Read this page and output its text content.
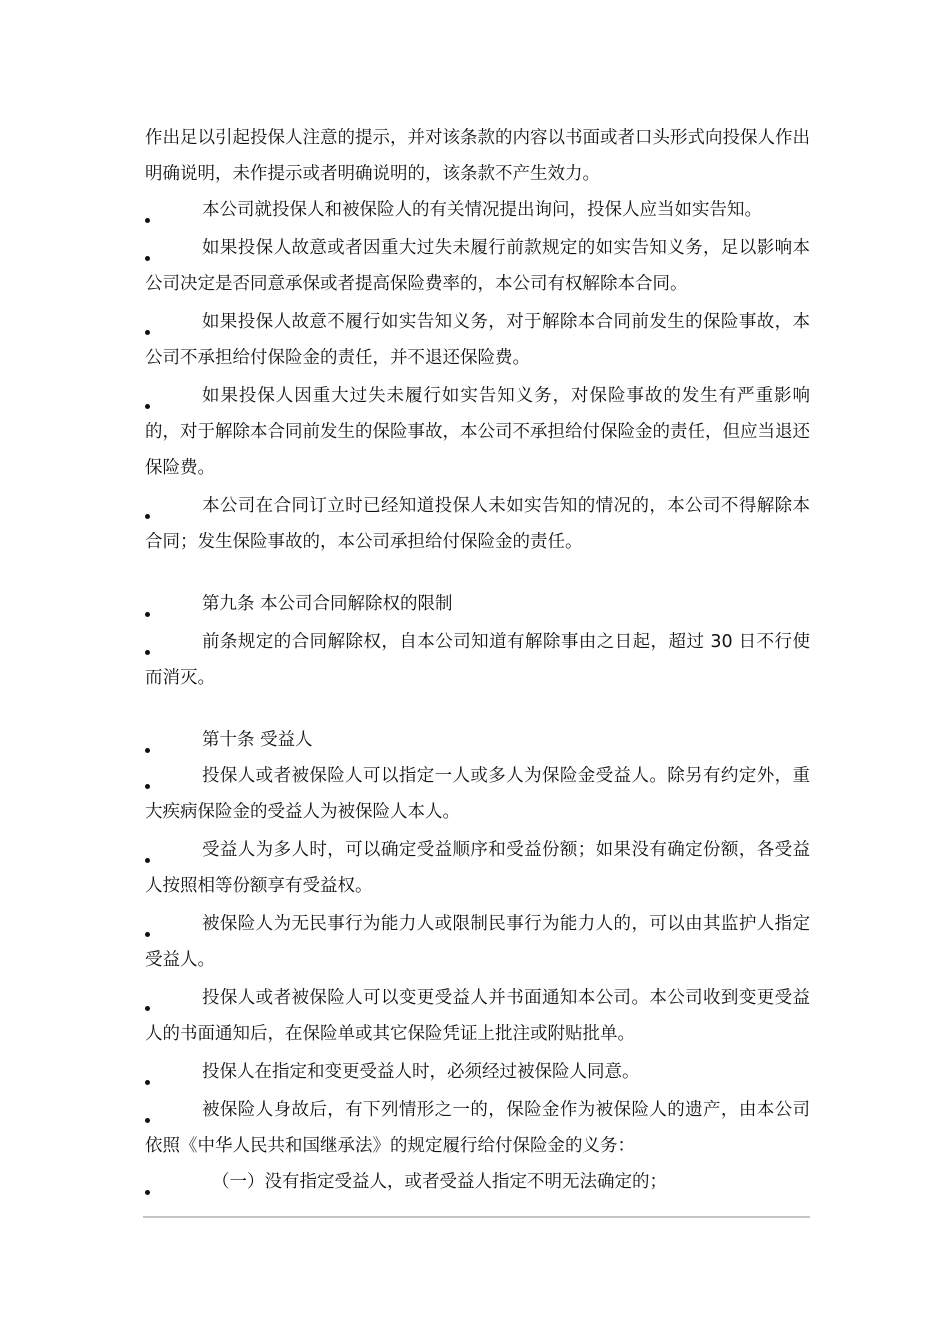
作出足以引起投保人注意的提示，并对该条款的内容以书面或者口头形式向投保人作出明确说明，未作提示或者明确说明的，该条款不产生效力。
本公司就投保人和被保险人的有关情况提出询问，投保人应当如实告知。
如果投保人故意或者因重大过失未履行前款规定的如实告知义务，足以影响本公司决定是否同意承保或者提高保险费率的，本公司有权解除本合同。
如果投保人故意不履行如实告知义务，对于解除本合同前发生的保险事故，本公司不承担给付保险金的责任，并不退还保险费。
如果投保人因重大过失未履行如实告知义务，对保险事故的发生有严重影响的，对于解除本合同前发生的保险事故，本公司不承担给付保险金的责任，但应当退还保险费。
本公司在合同订立时已经知道投保人未如实告知的情况的，本公司不得解除本合同；发生保险事故的，本公司承担给付保险金的责任。
第九条 本公司合同解除权的限制
前条规定的合同解除权，自本公司知道有解除事由之日起，超过 30 日不行使而消灭。
第十条 受益人
投保人或者被保险人可以指定一人或多人为保险金受益人。除另有约定外，重大疾病保险金的受益人为被保险人本人。
受益人为多人时，可以确定受益顺序和受益份额；如果没有确定份额，各受益人按照相等份额享有受益权。
被保险人为无民事行为能力人或限制民事行为能力人的，可以由其监护人指定受益人。
投保人或者被保险人可以变更受益人并书面通知本公司。本公司收到变更受益人的书面通知后，在保险单或其它保险凭证上批注或附贴批单。
投保人在指定和变更受益人时，必须经过被保险人同意。
被保险人身故后，有下列情形之一的，保险金作为被保险人的遗产，由本公司依照《中华人民共和国继承法》的规定履行给付保险金的义务：
（一）没有指定受益人，或者受益人指定不明无法确定的；
